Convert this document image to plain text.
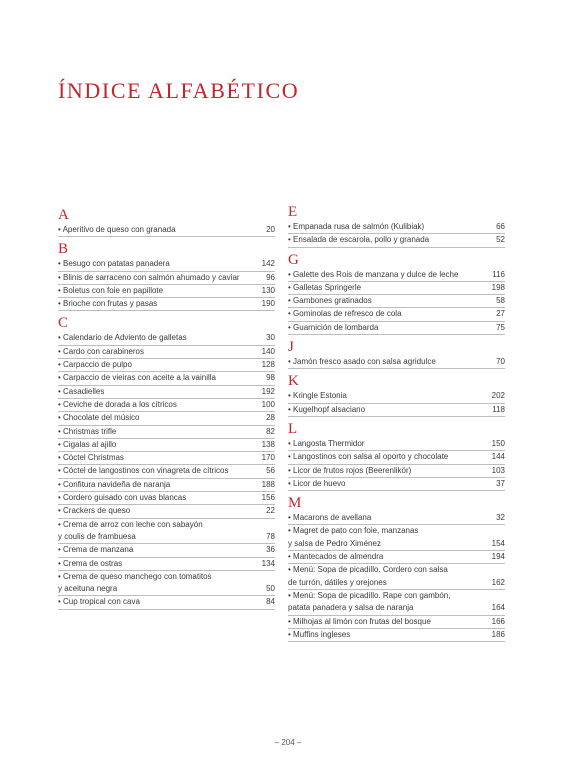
ÍNDICE ALFABÉTICO
A
• Aperitivo de queso con granada	20
B
• Besugo con patatas panadera	142
• Blinis de sarraceno con salmón ahumado y caviar	96
• Boletus con foie en papillote	130
• Brioche con frutas y pasas	190
C
• Calendario de Adviento de galletas	30
• Cardo con carabineros	140
• Carpaccio de pulpo	128
• Carpaccio de vieiras con aceite a la vainilla	98
• Casadielles	192
• Ceviche de dorada a los cítricos	100
• Chocolate del músico	28
• Christmas trifle	82
• Cigalas al ajillo	138
• Cóctel Christmas	170
• Cóctel de langostinos con vinagreta de cítricos	56
• Confitura navideña de naranja	188
• Cordero guisado con uvas blancas	156
• Crackers de queso	22
• Crema de arroz con leche con sabayón
y coulis de frambuesa	78
• Crema de manzana	36
• Crema de ostras	134
• Crema de queso manchego con tomatitos
y aceituna negra	50
• Cup tropical con cava	84
E
• Empanada rusa de salmón (Kulibiak)	66
• Ensalada de escarola, pollo y granada	52
G
• Galette des Rois de manzana y dulce de leche	116
• Galletas Springerle	198
• Gambones gratinados	58
• Gominolas de refresco de cola	27
• Guarnición de lombarda	75
J
• Jamón fresco asado con salsa agridulce	70
K
• Kringle Estonia	202
• Kugelhopf alsaciano	118
L
• Langosta Thermidor	150
• Langostinos con salsa al oporto y chocolate	144
• Licor de frutos rojos (Beerenlikör)	103
• Licor de huevo	37
M
• Macarons de avellana	32
• Magret de pato con foie, manzanas
y salsa de Pedro Ximénez	154
• Mantecados de almendra	194
• Menú: Sopa de picadillo. Cordero con salsa
de turrón, dátiles y orejones	162
• Menú: Sopa de picadillo. Rape con gambón,
patata panadera y salsa de naranja	164
• Milhojas al limón con frutas del bosque	166
• Muffins ingleses	186
– 204 –
